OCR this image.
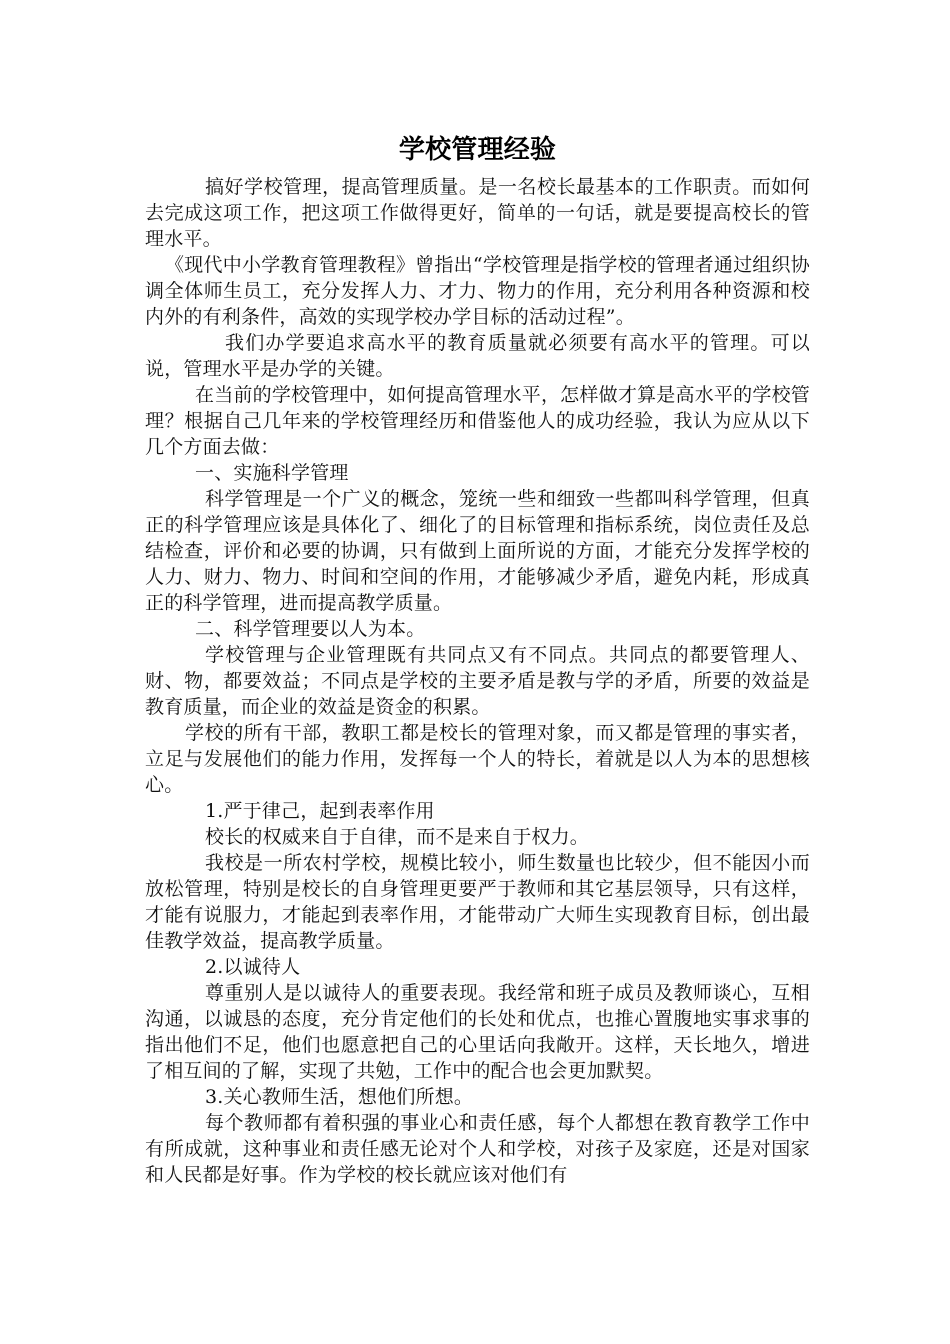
学校管理经验

搞好学校管理，提高管理质量。是一名校长最基本的工作职责。而如何去完成这项工作，把这项工作做得更好，简单的一句话，就是要提高校长的管理水平。

《现代中小学教育管理教程》曾指出“学校管理是指学校的管理者通过组织协调全体师生员工，充分发挥人力、才力、物力的作用，充分利用各种资源和校内外的有利条件，高效的实现学校办学目标的活动过程”。

我们办学要追求高水平的教育质量就必须要有高水平的管理。可以说，管理水平是办学的关键。

在当前的学校管理中，如何提高管理水平，怎样做才算是高水平的学校管理？根据自己几年来的学校管理经历和借鉴他人的成功经验，我认为应从以下几个方面去做：

一、实施科学管理

科学管理是一个广义的概念，笼统一些和细致一些都叫科学管理，但真正的科学管理应该是具体化了、细化了的目标管理和指标系统，岗位责任及总结检查，评价和必要的协调，只有做到上面所说的方面，才能充分发挥学校的人力、财力、物力、时间和空间的作用，才能够减少矛盾，避免内耗，形成真正的科学管理，进而提高教学质量。

二、科学管理要以人为本。

学校管理与企业管理既有共同点又有不同点。共同点的都要管理人、财、物，都要效益；不同点是学校的主要矛盾是教与学的矛盾，所要的效益是教育质量，而企业的效益是资金的积累。

学校的所有干部，教职工都是校长的管理对象，而又都是管理的事实者，立足与发展他们的能力作用，发挥每一个人的特长，着就是以人为本的思想核心。

1.严于律己，起到表率作用

校长的权威来自于自律，而不是来自于权力。

我校是一所农村学校，规模比较小，师生数量也比较少，但不能因小而放松管理，特别是校长的自身管理更要严于教师和其它基层领导，只有这样，才能有说服力，才能起到表率作用，才能带动广大师生实现教育目标，创出最佳教学效益，提高教学质量。

2.以诚待人

尊重别人是以诚待人的重要表现。我经常和班子成员及教师谈心，互相沟通，以诚恳的态度，充分肯定他们的长处和优点，也推心置腹地实事求事的指出他们不足，他们也愿意把自己的心里话向我敞开。这样，天长地久，增进了相互间的了解，实现了共勉，工作中的配合也会更加默契。

3.关心教师生活，想他们所想。

每个教师都有着积强的事业心和责任感，每个人都想在教育教学工作中有所成就，这种事业和责任感无论对个人和学校，对孩子及家庭，还是对国家和人民都是好事。作为学校的校长就应该对他们有
